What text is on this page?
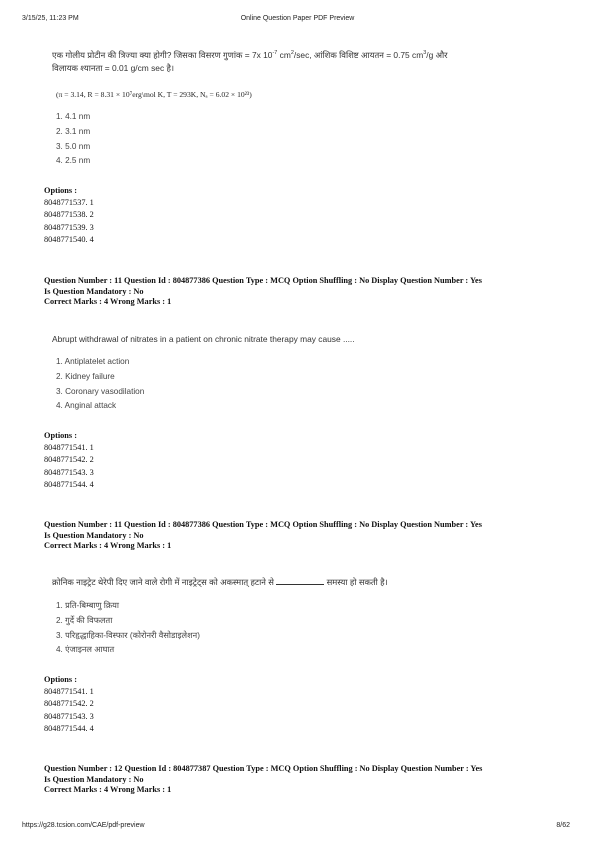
3/15/25, 11:23 PM	Online Question Paper PDF Preview
एक गोलीय प्रोटीन की त्रिज्या क्या होगी? जिसका विसरण गुणांक = 7x $10^{-7}$ $cm^2/\sec$, आंशिक विशिष्ट आयतन = 0.75 $cm^3/g$ और
विलायक श्यानता = 0.01 g/cm sec है।
(π = 3.14, R = 8.31 × 10⁷erg\mol K, T = 293K, Nₐ = 6.02 × 10²³)
1. 4.1 nm
2. 3.1 nm
3. 5.0 nm
4. 2.5 nm
Options :
8048771537. 1
8048771538. 2
8048771539. 3
8048771540. 4
Question Number : 11 Question Id : 804877386 Question Type : MCQ Option Shuffling : No Display Question Number : Yes
Is Question Mandatory : No
Correct Marks : 4 Wrong Marks : 1
Abrupt withdrawal of nitrates in a patient on chronic nitrate therapy may cause .....
1. Antiplatelet action
2. Kidney failure
3. Coronary vasodilation
4. Anginal attack
Options :
8048771541. 1
8048771542. 2
8048771543. 3
8048771544. 4
Question Number : 11 Question Id : 804877386 Question Type : MCQ Option Shuffling : No Display Question Number : Yes
Is Question Mandatory : No
Correct Marks : 4 Wrong Marks : 1
क्रोनिक नाइट्रेट थेरेपी दिए जाने वाले रोगी में नाइट्रेट्स को अकस्मात् हटाने से	समस्या हो सकती है।
1. प्रति-बिम्बाणु क्रिया
2. गुर्दे की विफलता
3. परिहृद्धाहिका-विस्फार (कोरोनरी वैसोडाइलेशन)
4. एंजाइनल आघात
Options :
8048771541. 1
8048771542. 2
8048771543. 3
8048771544. 4
Question Number : 12 Question Id : 804877387 Question Type : MCQ Option Shuffling : No Display Question Number : Yes
Is Question Mandatory : No
Correct Marks : 4 Wrong Marks : 1
https://g28.tcsion.com/CAE/pdf-preview	8/62
